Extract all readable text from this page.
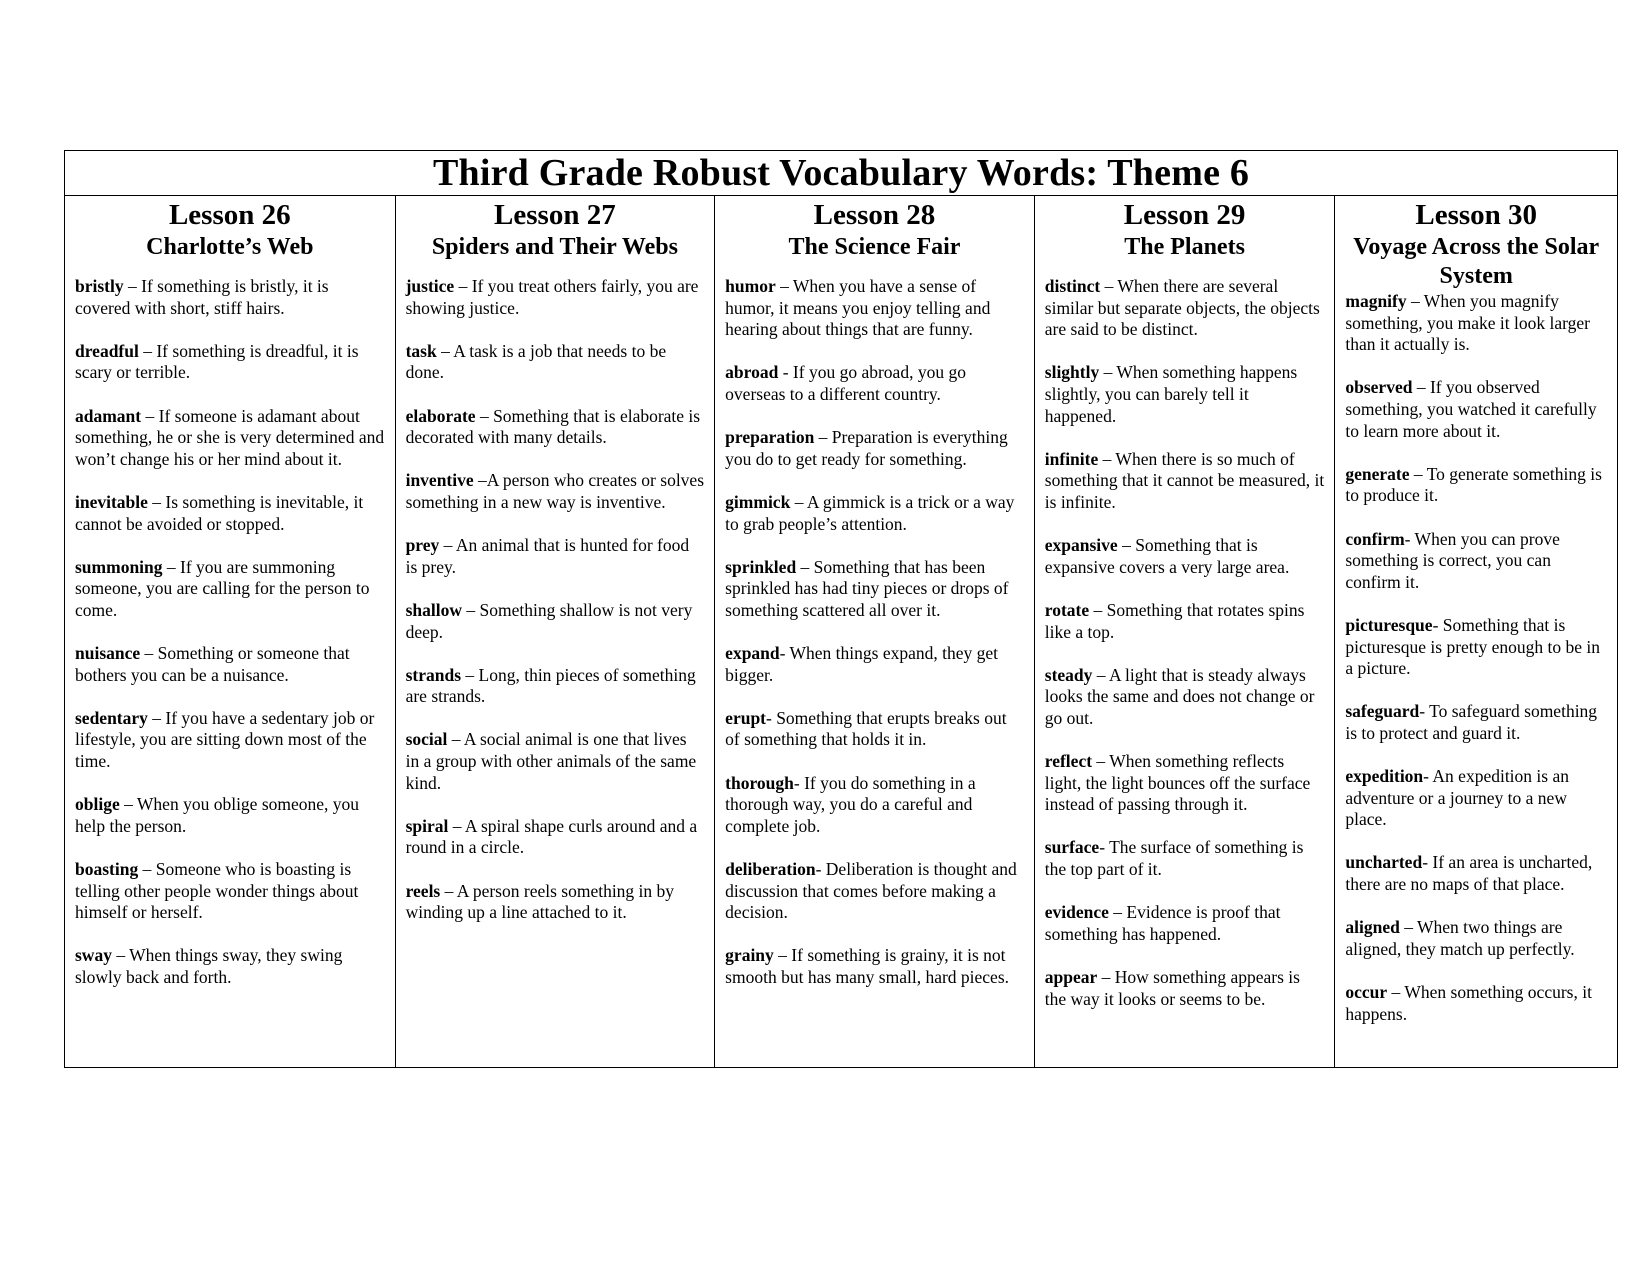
Third Grade Robust Vocabulary Words: Theme 6
Lesson 26
Charlotte’s Web
bristly – If something is bristly, it is covered with short, stiff hairs.
dreadful – If something is dreadful, it is scary or terrible.
adamant – If someone is adamant about something, he or she is very determined and won’t change his or her mind about it.
inevitable – Is something is inevitable, it cannot be avoided or stopped.
summoning – If you are summoning someone, you are calling for the person to come.
nuisance – Something or someone that bothers you can be a nuisance.
sedentary – If you have a sedentary job or lifestyle, you are sitting down most of the time.
oblige – When you oblige someone, you help the person.
boasting – Someone who is boasting is telling other people wonder things about himself or herself.
sway – When things sway, they swing slowly back and forth.
Lesson 27
Spiders and Their Webs
justice – If you treat others fairly, you are showing justice.
task – A task is a job that needs to be done.
elaborate – Something that is elaborate is decorated with many details.
inventive –A person who creates or solves something in a new way is inventive.
prey – An animal that is hunted for food is prey.
shallow – Something shallow is not very deep.
strands – Long, thin pieces of something are strands.
social – A social animal is one that lives in a group with other animals of the same kind.
spiral – A spiral shape curls around and a round in a circle.
reels – A person reels something in by winding up a line attached to it.
Lesson 28
The Science Fair
humor – When you have a sense of humor, it means you enjoy telling and hearing about things that are funny.
abroad - If you go abroad, you go overseas to a different country.
preparation – Preparation is everything you do to get ready for something.
gimmick – A gimmick is a trick or a way to grab people’s attention.
sprinkled – Something that has been sprinkled has had tiny pieces or drops of something scattered all over it.
expand- When things expand, they get bigger.
erupt- Something that erupts breaks out of something that holds it in.
thorough- If you do something in a thorough way, you do a careful and complete job.
deliberation- Deliberation is thought and discussion that comes before making a decision.
grainy – If something is grainy, it is not smooth but has many small, hard pieces.
Lesson 29
The Planets
distinct – When there are several similar but separate objects, the objects are said to be distinct.
slightly – When something happens slightly, you can barely tell it happened.
infinite – When there is so much of something that it cannot be measured, it is infinite.
expansive – Something that is expansive covers a very large area.
rotate – Something that rotates spins like a top.
steady – A light that is steady always looks the same and does not change or go out.
reflect – When something reflects light, the light bounces off the surface
instead of passing through it.
surface- The surface of something is the top part of it.
evidence – Evidence is proof that something has happened.
appear – How something appears is the way it looks or seems to be.
Lesson 30
Voyage Across the Solar System
magnify – When you magnify something, you make it look larger than it actually is.
observed – If you observed something, you watched it carefully to learn more about it.
generate – To generate something is to produce it.
confirm- When you can prove something is correct, you can confirm it.
picturesque- Something that is picturesque is pretty enough to be in a picture.
safeguard- To safeguard something is to protect and guard it.
expedition- An expedition is an adventure or a journey to a new place.
uncharted- If an area is uncharted, there are no maps of that place.
aligned – When two things are aligned, they match up perfectly.
occur – When something occurs, it happens.
